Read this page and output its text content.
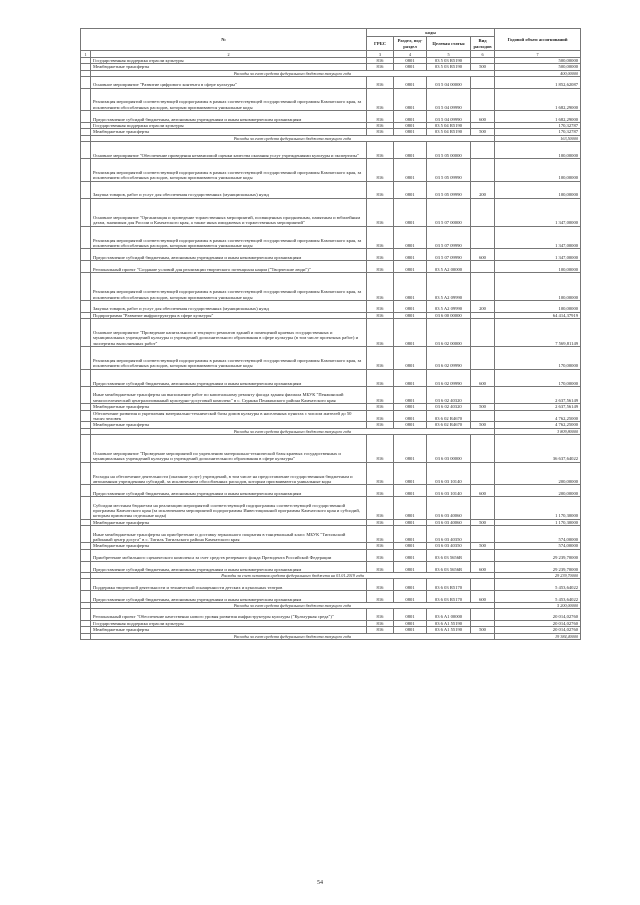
№		коды				Годовой объем ассигнований
		ГРБС	Раздел, под-раздел	Целевая статья	Вид расходов	
1	2	3	4	5	6	7
	Государственная поддержка отрасли культуры	816	0801	03 5 03 R5190		500,00000
	Межбюджетные трансферты	816	0801	03 5 03 R5190	500	500,00000
	Расходы за счет средств федерального бюджета текущего года					400,00000
	Основное мероприятие "Развитие цифрового контента в сфере культуры"	816	0801	03 5 04 00000		1 852,62087
	Реализация мероприятий соответствующей подпрограммы в рамках соответствующей государственной программы Камчатского края, за исключением обособленных расходов, которым присваиваются уникальные коды	816	0801	03 5 04 09990		1 682,29000
	Предоставление субсидий бюджетным, автономным учреждениям и иным некоммерческим организациям	816	0801	03 5 04 09990	600	1 682,29000
	Государственная поддержка отрасли культуры	816	0801	03 5 04 R5190		170,32787
	Межбюджетные трансферты	816	0801	03 5 04 R5190	500	170,32787
	Расходы за счет средств федерального бюджета текущего года					163,50000
	Основное мероприятие "Обеспечение проведения независимой оценки качества оказания услуг учреждениями культуры и экспертизы"	816	0801	03 5 05 00000		100,00000
	Реализация мероприятий соответствующей подпрограммы в рамках соответствующей государственной программы Камчатского края, за исключением обособленных расходов, которым присваиваются уникальные коды	816	0801	03 5 05 09990		100,00000
	Закупка товаров, работ и услуг для обеспечения государственных (муниципальных) нужд	816	0801	03 5 05 09990	200	100,00000
	Основное мероприятие "Организация и проведение торжественных мероприятий, посвященных праздничным, памятным и юбилейным датам, значимым для России и Камчатского края, а также иных имиджевых и торжественных мероприятий"	816	0801	03 5 07 00000		1 347,00000
	Реализация мероприятий соответствующей подпрограммы в рамках соответствующей государственной программы Камчатского края, за исключением обособленных расходов, которым присваиваются уникальные коды	816	0801	03 5 07 09990		1 347,00000
	Предоставление субсидий бюджетным, автономным учреждениям и иным некоммерческим организациям	816	0801	03 5 07 09990	600	1 347,00000
	Региональный проект "Создание условий для реализации творческого потенциала нации ("Творческие люди")"	816	0801	03 5 A2 00000		100,00000
	Реализация мероприятий соответствующей подпрограммы в рамках соответствующей государственной программы Камчатского края, за исключением обособленных расходов, которым присваиваются уникальные коды	816	0801	03 5 A2 09990		100,00000
	Закупка товаров, работ и услуг для обеспечения государственных (муниципальных) нужд	816	0801	03 5 A2 09990	200	100,00000
	Подпрограмма "Развитие инфраструктуры в сфере культуры"	816	0801	03 6 00 00000		64 414,37919
	Основное мероприятие "Проведение капитального и текущего ремонтов зданий и помещений краевых государственных и муниципальных учреждений культуры и учреждений дополнительного образования в сфере культуры (в том числе проектных работ) и экспертизы выполненных работ"	816	0801	03 6 02 00000		7 569,81149
	Реализация мероприятий соответствующей подпрограммы в рамках соответствующей государственной программы Камчатского края, за исключением обособленных расходов, которым присваиваются уникальные коды	816	0801	03 6 02 09990		170,00000
	Предоставление субсидий бюджетным, автономным учреждениям и иным некоммерческим организациям	816	0801	03 6 02 09990	600	170,00000
	Иные межбюджетные трансферты на выполнение работ по капитальному ремонту фасада здания филиала МБУК "Пенжинский межпоселенческий централизованный культурно-досуговый комплекс" в с. Седанка Пенжинского района Камчатского края	816	0801	03 6 02 40320		2 637,56149
	Межбюджетные трансферты	816	0801	03 6 02 40320	500	2 637,56149
	Обеспечение развития и укрепления материально-технической базы домов культуры в населенных пунктах с числом жителей до 50 тысяч человек	816	0801	03 6 02 R4670		4 762,25000
	Межбюджетные трансферты	816	0801	03 6 02 R4670	500	4 762,25000
	Расходы за счет средств федерального бюджета текущего года					3 809,80000
	Основное мероприятие "Проведение мероприятий по укреплению материально-технической базы краевых государственных и муниципальных учреждений культуры и учреждений дополнительного образования в сфере культуры"	816	0801	03 6 03 00000		36 637,64022
	Расходы на обеспечение деятельности (оказание услуг) учреждений, в том числе на предоставление государственным бюджетным и автономным учреждениям субсидий, за исключением обособленных расходов, которым присваиваются уникальные коды	816	0801	03 6 03 10140		200,00000
	Предоставление субсидий бюджетным, автономным учреждениям и иным некоммерческим организациям	816	0801	03 6 03 10140	600	200,00000
	Субсидии местным бюджетам на реализацию мероприятий соответствующей подпрограммы соответствующей государственной программы Камчатского края (за исключением мероприятий подпрограммы Инвестиционной программы Камчатского края и субсидий, которым присвоены отдельные коды)	816	0801	03 6 03 40060		1 170,30000
	Межбюджетные трансферты	816	0801	03 6 03 40060	500	1 170,30000
	Иные межбюджетные трансферты на приобретение и доставку зеркального покрытия в танцевальный класс МБУК "Тигильский районный центр досуга" в с. Тигиль Тигильского района Камчатского края	816	0801	03 6 03 40350		574,00000
	Межбюджетные трансферты	816	0801	03 6 03 40350	500	574,00000
	Приобретение мобильного сценического комплекса за счет средств резервного фонда Президента Российской Федерации	816	0801	03 6 03 5656R		29 239,70000
	Предоставление субсидий бюджетным, автономным учреждениям и иным некоммерческим организациям	816	0801	03 6 03 5656R	600	29 239,70000
	Расходы за счет остатков средств федерального бюджета на 01.01.2019 года					29 239,70000
	Поддержка творческой деятельности и технической оснащенности детских и кукольных театров	816	0801	03 6 03 R5170		5 453,64022
	Предоставление субсидий бюджетным, автономным учреждениям и иным некоммерческим организациям	816	0801	03 6 03 R5170	600	5 453,64022
	Расходы за счет средств федерального бюджета текущего года					5 200,00000
	Региональный проект "Обеспечение качественно нового уровня развития инфраструктуры культуры ("Культурная среда")"	816	0801	03 6 A1 00000		20 014,02760
	Государственная поддержка отрасли культуры	816	0801	03 6 A1 55190		20 014,02760
	Межбюджетные трансферты	816	0801	03 6 A1 55190	500	20 014,02760
	Расходы за счет средств федерального бюджета текущего года					19 384,40000
54
